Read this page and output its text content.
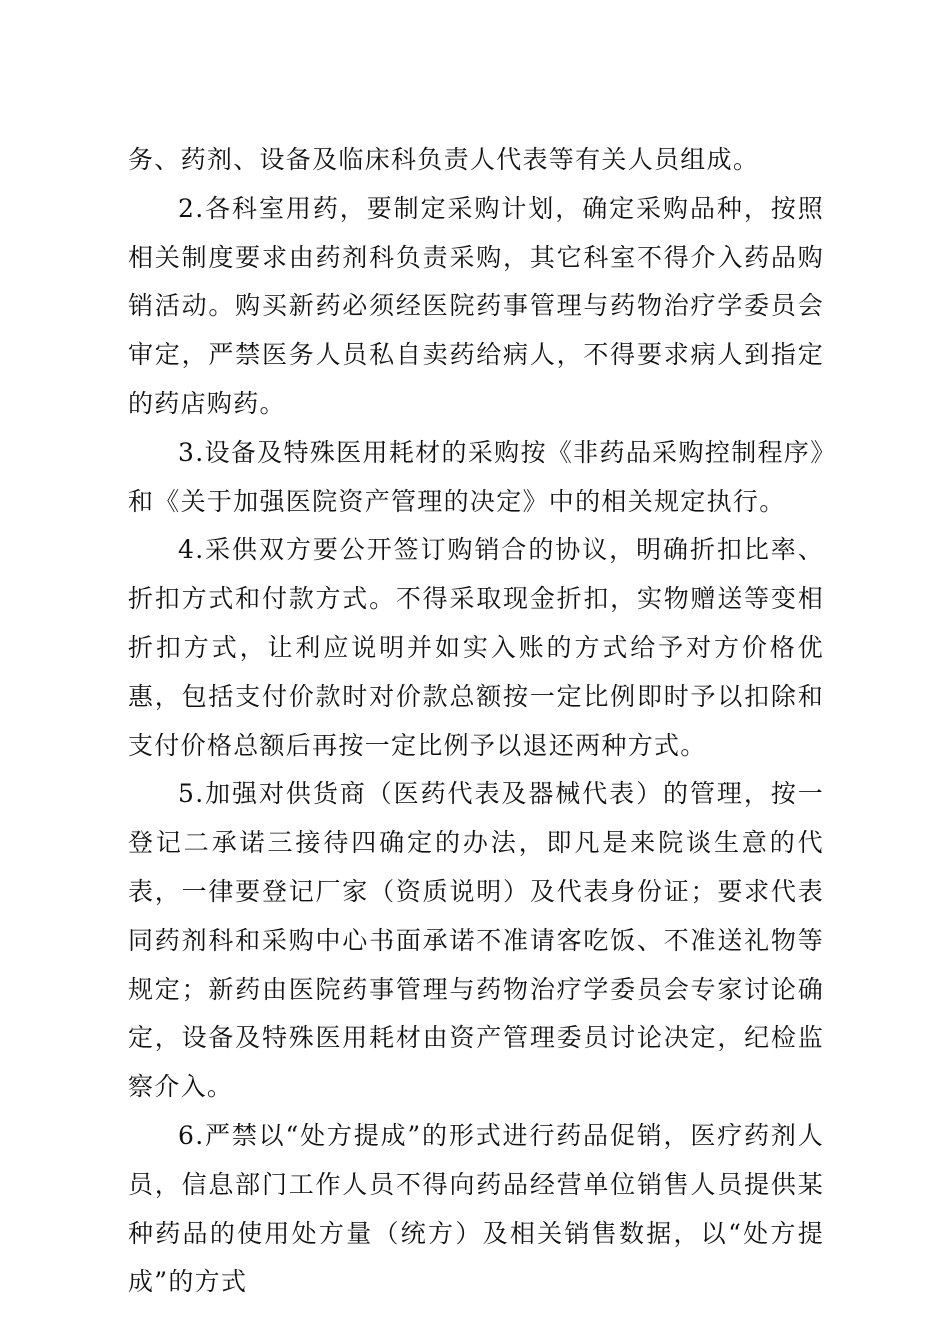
务、药剂、设备及临床科负责人代表等有关人员组成。

2.各科室用药，要制定采购计划，确定采购品种，按照相关制度要求由药剂科负责采购，其它科室不得介入药品购销活动。购买新药必须经医院药事管理与药物治疗学委员会审定，严禁医务人员私自卖药给病人，不得要求病人到指定的药店购药。

3.设备及特殊医用耗材的采购按《非药品采购控制程序》和《关于加强医院资产管理的决定》中的相关规定执行。

4.采供双方要公开签订购销合的协议，明确折扣比率、折扣方式和付款方式。不得采取现金折扣，实物赠送等变相折扣方式，让利应说明并如实入账的方式给予对方价格优惠，包括支付价款时对价款总额按一定比例即时予以扣除和支付价格总额后再按一定比例予以退还两种方式。

5.加强对供货商（医药代表及器械代表）的管理，按一登记二承诺三接待四确定的办法，即凡是来院谈生意的代表，一律要登记厂家（资质说明）及代表身份证；要求代表同药剂科和采购中心书面承诺不准请客吃饭、不准送礼物等规定；新药由医院药事管理与药物治疗学委员会专家讨论确定，设备及特殊医用耗材由资产管理委员讨论决定，纪检监察介入。

6.严禁以“处方提成”的形式进行药品促销，医疗药剂人员，信息部门工作人员不得向药品经营单位销售人员提供某种药品的使用处方量（统方）及相关销售数据，以“处方提成”的方式
